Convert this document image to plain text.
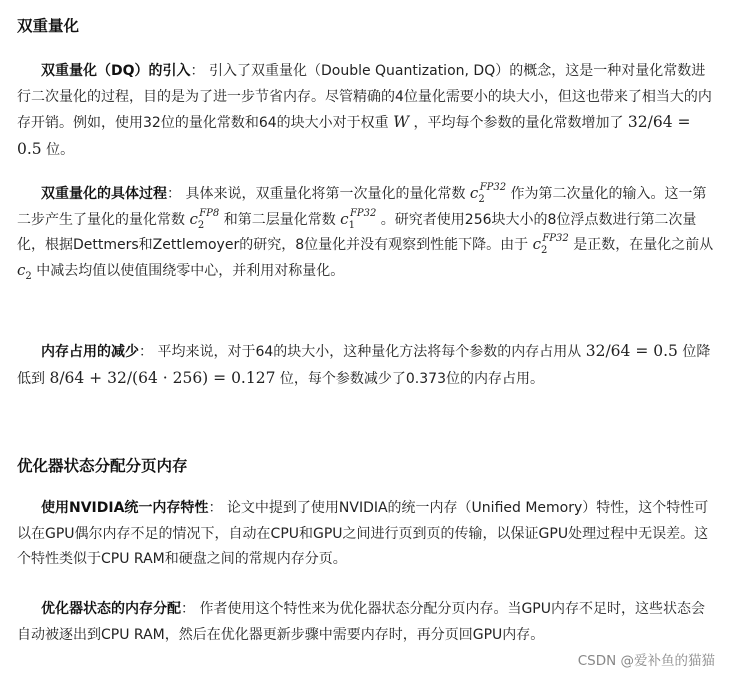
双重量化

双重量化（DQ）的引入： 引入了双重量化（Double Quantization, DQ）的概念，这是一种对量化常数进行二次量化的过程，目的是为了进一步节省内存。尽管精确的4位量化需要小的块大小，但这也带来了相当大的内存开销。例如，使用32位的量化常数和64的块大小对于权重 W ，平均每个参数的量化常数增加了 32/64 = 0.5 位。

双重量化的具体过程： 具体来说，双重量化将第一次量化的量化常数 $c_2^{FP32}$ 作为第二次量化的输入。这一第二步产生了量化的量化常数 $c_2^{FP8}$ 和第二层量化常数 $c_1^{FP32}$ 。研究者使用256块大小的8位浮点数进行第二次量化，根据Dettmers和Zettlemoyer的研究，8位量化并没有观察到性能下降。由于 $c_2^{FP32}$ 是正数，在量化之前从 $c_2$ 中减去均值以使值围绕零中心，并利用对称量化。

内存占用的减少： 平均来说，对于64的块大小，这种量化方法将每个参数的内存占用从 32/64 = 0.5 位降低到 8/64 + 32/(64 · 256) = 0.127 位，每个参数减少了0.373位的内存占用。

优化器状态分配分页内存

使用NVIDIA统一内存特性： 论文中提到了使用NVIDIA的统一内存（Unified Memory）特性，这个特性可以在GPU偶尔内存不足的情况下，自动在CPU和GPU之间进行页到页的传输，以保证GPU处理过程中无误差。这个特性类似于CPU RAM和硬盘之间的常规内存分页。

优化器状态的内存分配： 作者使用这个特性来为优化器状态分配分页内存。当GPU内存不足时，这些状态会自动被逐出到CPU RAM，然后在优化器更新步骤中需要内存时，再分页回GPU内存。

CSDN @爱补鱼的猫猫
